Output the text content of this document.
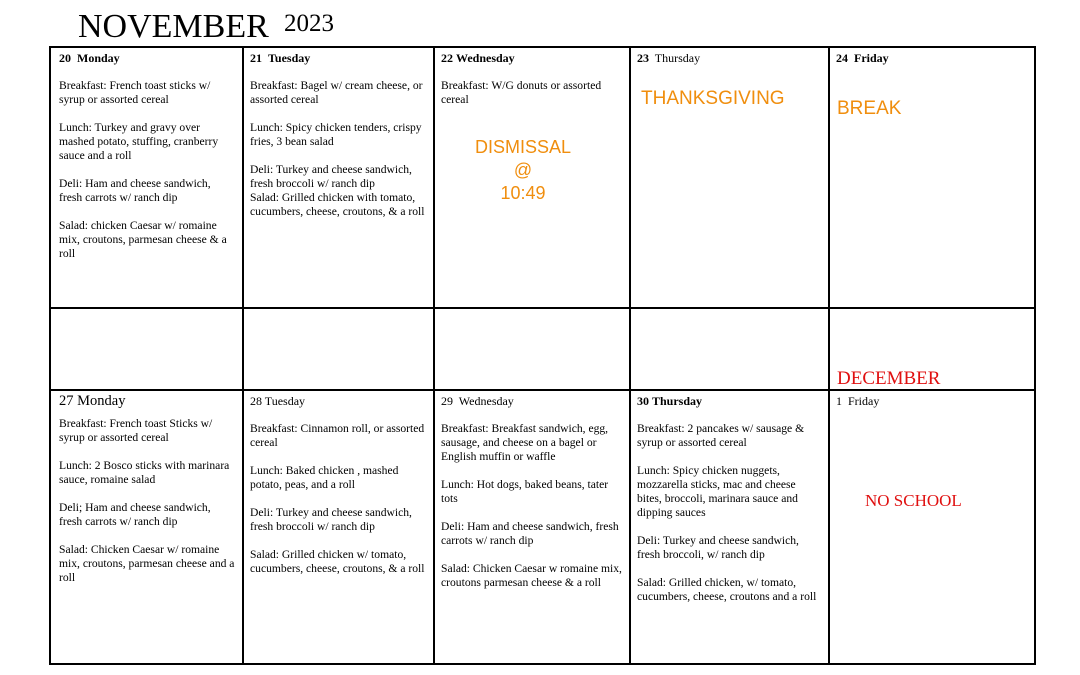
NOVEMBER 2023
20 Monday

Breakfast: French toast sticks w/ syrup or assorted cereal

Lunch: Turkey and gravy over mashed potato, stuffing, cranberry sauce and a roll

Deli: Ham and cheese sandwich, fresh carrots w/ ranch dip

Salad: chicken Caesar w/ romaine mix, croutons, parmesan cheese & a roll

21 Tuesday

Breakfast: Bagel w/ cream cheese, or assorted cereal

Lunch: Spicy chicken tenders, crispy fries, 3 bean salad

Deli: Turkey and cheese sandwich, fresh broccoli w/ ranch dip

Salad: Grilled chicken with tomato, cucumbers, cheese, croutons, & a roll

22 Wednesday

Breakfast: W/G donuts or assorted cereal

DISMISSAL
@
10:49
23 Thursday
THANKSGIVING
24 Friday
BREAK
DECEMBER
27 Monday

Breakfast: French toast Sticks w/ syrup or assorted cereal

Lunch: 2 Bosco sticks with marinara sauce, romaine salad

Deli; Ham and cheese sandwich, fresh carrots w/ ranch dip

Salad: Chicken Caesar w/ romaine mix, croutons, parmesan cheese and a roll

28 Tuesday

Breakfast: Cinnamon roll, or assorted cereal

Lunch: Baked chicken , mashed potato, peas, and a roll

Deli: Turkey and cheese sandwich, fresh broccoli w/ ranch dip

Salad: Grilled chicken w/ tomato, cucumbers, cheese, croutons, & a roll

29 Wednesday

Breakfast: Breakfast sandwich, egg, sausage, and cheese on a bagel or English muffin or waffle

Lunch: Hot dogs, baked beans, tater tots

Deli: Ham and cheese sandwich, fresh carrots w/ ranch dip

Salad: Chicken Caesar w romaine mix, croutons parmesan cheese & a roll

30 Thursday

Breakfast: 2 pancakes w/ sausage & syrup or assorted cereal

Lunch: Spicy chicken nuggets, mozzarella sticks, mac and cheese bites, broccoli, marinara sauce and dipping sauces

Deli: Turkey and cheese sandwich, fresh broccoli, w/ ranch dip

Salad: Grilled chicken, w/ tomato, cucumbers, cheese, croutons and a roll

1 Friday
NO SCHOOL
